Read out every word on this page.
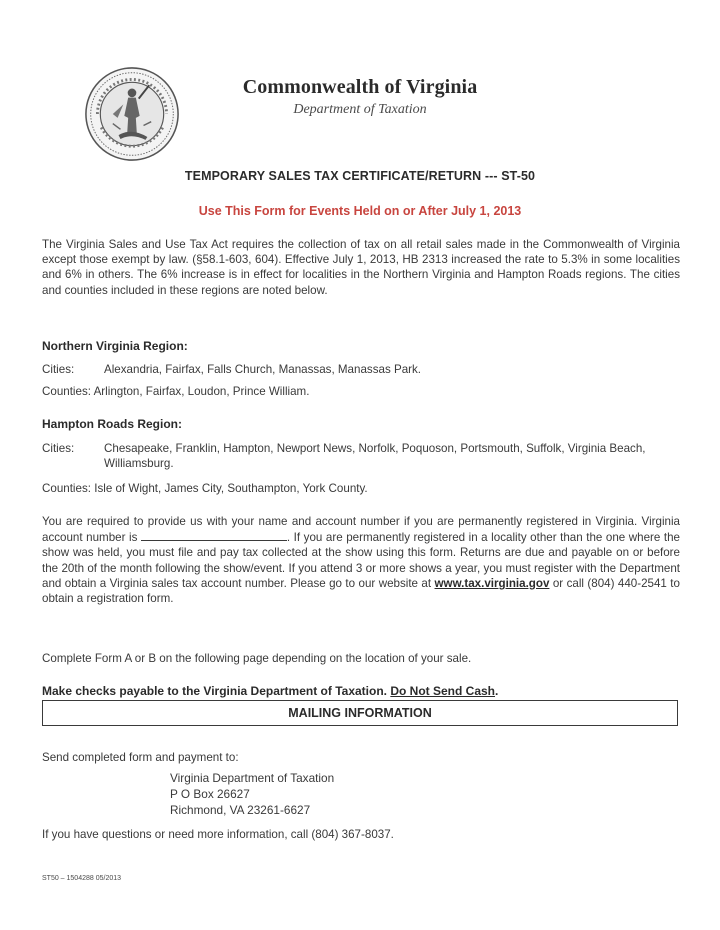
Commonwealth of Virginia
Department of Taxation
TEMPORARY SALES TAX CERTIFICATE/RETURN --- ST-50
Use This Form for Events Held on or After July 1, 2013

The Virginia Sales and Use Tax Act requires the collection of tax on all retail sales made in the Commonwealth of Virginia except those exempt by law. (§58.1-603, 604). Effective July 1, 2013, HB 2313 increased the rate to 5.3% in some localities and 6% in others. The 6% increase is in effect for localities in the Northern Virginia and Hampton Roads regions. The cities and counties included in these regions are noted below.

Northern Virginia Region:
Cities:	Alexandria, Fairfax, Falls Church, Manassas, Manassas Park.
Counties: Arlington, Fairfax, Loudon, Prince William.
Hampton Roads Region:
Cities:	Chesapeake, Franklin, Hampton, Newport News, Norfolk, Poquoson, Portsmouth, Suffolk, Virginia Beach, Williamsburg.
Counties: Isle of Wight, James City, Southampton, York County.

You are required to provide us with your name and account number if you are permanently registered in Virginia. Virginia account number is	. If you are permanently registered in a locality other than the one where the show was held, you must file and pay tax collected at the show using this form. Returns are due and payable on or before the 20th of the month following the show/event. If you attend 3 or more shows a year, you must register with the Department and obtain a Virginia sales tax account number. Please go to our website at www.tax.virginia.gov or call (804) 440-2541 to obtain a registration form.

Complete Form A or B on the following page depending on the location of your sale.

Make checks payable to the Virginia Department of Taxation. Do Not Send Cash.

MAILING INFORMATION

Send completed form and payment to:

Virginia Department of Taxation
P O Box 26627
Richmond, VA 23261-6627

If you have questions or need more information, call (804) 367-8037.

ST50 – 1504288 05/2013
